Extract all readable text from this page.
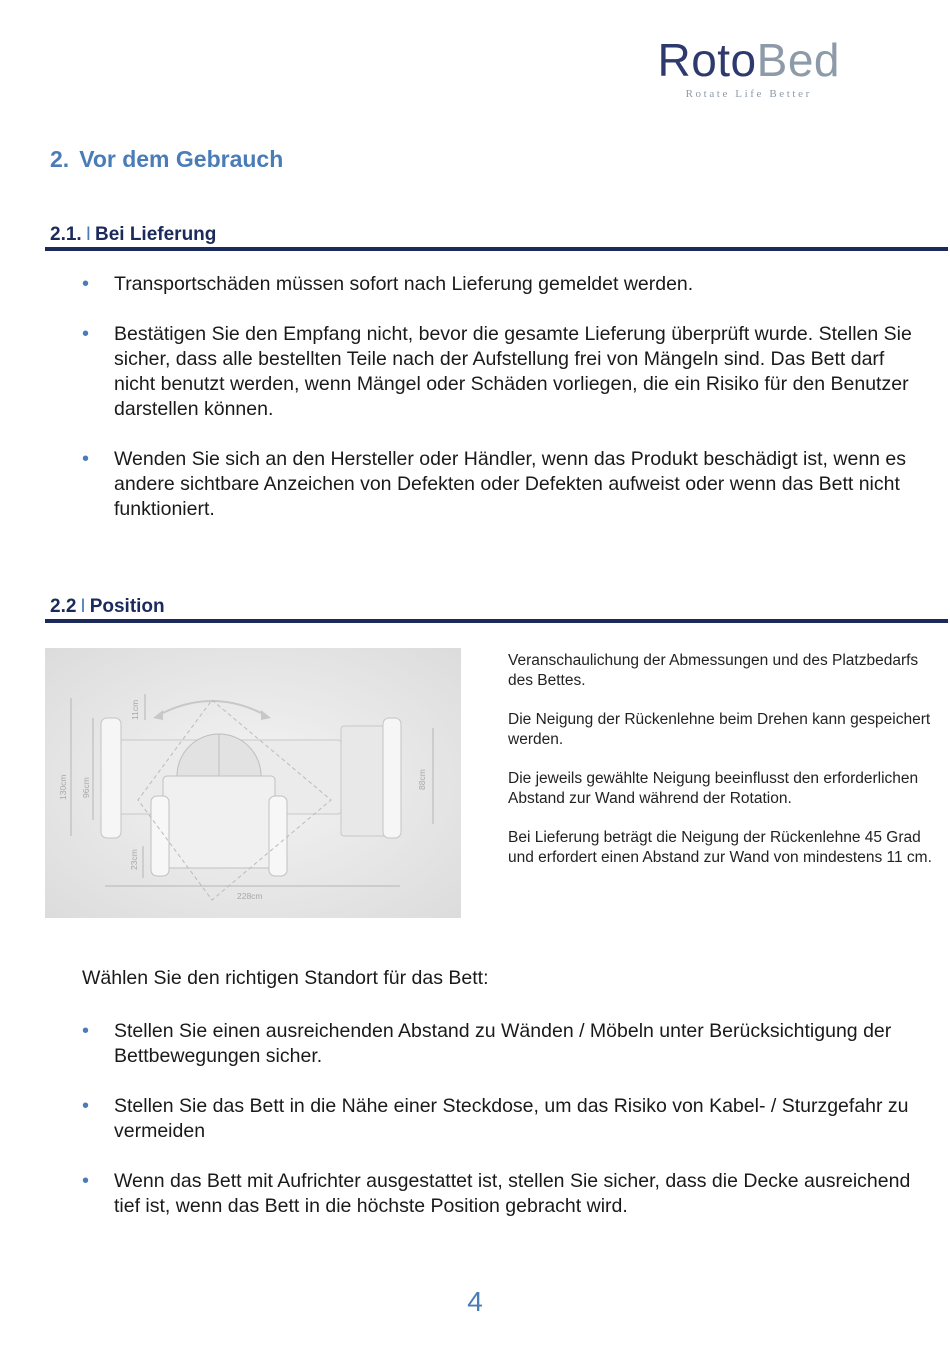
RotoBed
Rotate Life Better
2. Vor dem Gebrauch
2.1. I Bei Lieferung
• Transportschäden müssen sofort nach Lieferung gemeldet werden.
• Bestätigen Sie den Empfang nicht, bevor die gesamte Lieferung überprüft wurde. Stellen Sie sicher, dass alle bestellten Teile nach der Aufstellung frei von Mängeln sind. Das Bett darf nicht benutzt werden, wenn Mängel oder Schäden vorliegen, die ein Risiko für den Benutzer darstellen können.
• Wenden Sie sich an den Hersteller oder Händler, wenn das Produkt beschädigt ist, wenn es andere sichtbare Anzeichen von Defekten oder Defekten aufweist oder wenn das Bett nicht funktioniert.
2.2 I Position
11cm
130cm 96cm	88cm
23cm
228cm

Veranschaulichung der Abmessungen und des Platzbedarfs des Bettes.

Die Neigung der Rückenlehne beim Drehen kann gespeichert werden.

Die jeweils gewählte Neigung beeinflusst den erforderlichen Abstand zur Wand während der Rotation.

Bei Lieferung beträgt die Neigung der Rückenlehne 45 Grad und erfordert einen Abstand zur Wand von mindestens 11 cm.

Wählen Sie den richtigen Standort für das Bett:
• Stellen Sie einen ausreichenden Abstand zu Wänden / Möbeln unter Berücksichtigung der Bettbewegungen sicher.
• Stellen Sie das Bett in die Nähe einer Steckdose, um das Risiko von Kabel- / Sturzgefahr zu vermeiden
• Wenn das Bett mit Aufrichter ausgestattet ist, stellen Sie sicher, dass die Decke ausreichend tief ist, wenn das Bett in die höchste Position gebracht wird.
4
